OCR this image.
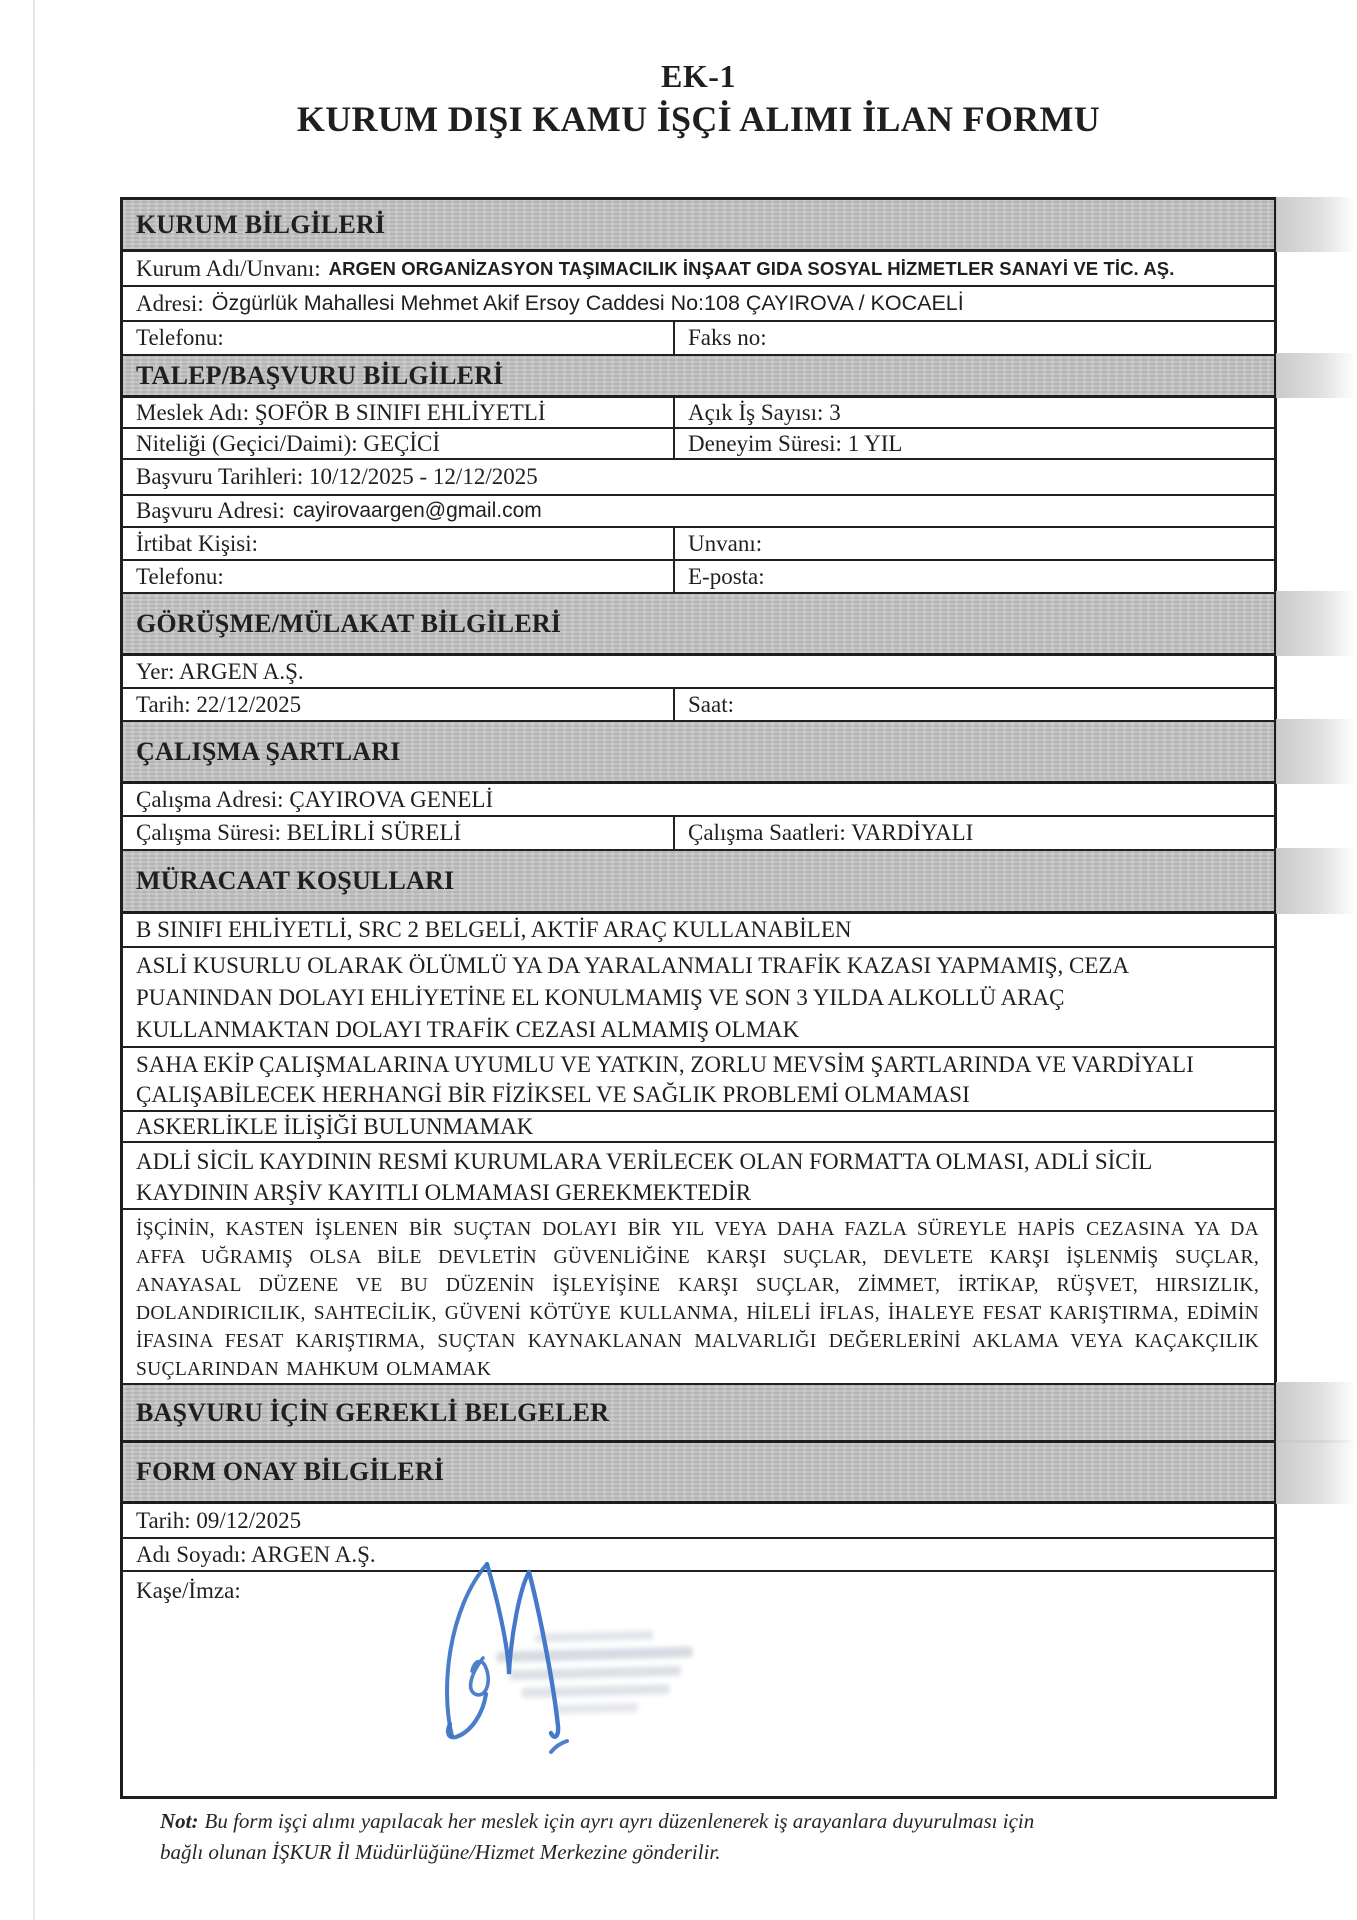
EK-1
KURUM DIŞI KAMU İŞÇİ ALIMI İLAN FORMU
KURUM BİLGİLERİ
Kurum Adı/Unvanı: ARGEN ORGANİZASYON TAŞIMACILIK İNŞAAT GIDA SOSYAL HİZMETLER SANAYİ VE TİC. AŞ.
Adresi: Özgürlük Mahallesi Mehmet Akif Ersoy Caddesi No:108 ÇAYIROVA / KOCAELİ
Telefonu:	Faks no:
TALEP/BAŞVURU BİLGİLERİ
Meslek Adı: ŞOFÖR B SINIFI EHLİYETLİ	Açık İş Sayısı: 3
Niteliği (Geçici/Daimi): GEÇİCİ	Deneyim Süresi: 1 YIL
Başvuru Tarihleri: 10/12/2025 - 12/12/2025
Başvuru Adresi: cayirovaargen@gmail.com
İrtibat Kişisi:	Unvanı:
Telefonu:	E-posta:
GÖRÜŞME/MÜLAKAT BİLGİLERİ
Yer: ARGEN A.Ş.
Tarih: 22/12/2025	Saat:
ÇALIŞMA ŞARTLARI
Çalışma Adresi: ÇAYIROVA GENELİ
Çalışma Süresi: BELİRLİ SÜRELİ	Çalışma Saatleri: VARDİYALI
MÜRACAAT KOŞULLARI
B SINIFI EHLİYETLİ, SRC 2 BELGELİ, AKTİF ARAÇ KULLANABİLEN
ASLİ KUSURLU OLARAK ÖLÜMLÜ YA DA YARALANMALI TRAFİK KAZASI YAPMAMIŞ, CEZA PUANINDAN DOLAYI EHLİYETİNE EL KONULMAMIŞ VE SON 3 YILDA ALKOLLÜ ARAÇ KULLANMAKTAN DOLAYI TRAFİK CEZASI ALMAMIŞ OLMAK
SAHA EKİP ÇALIŞMALARINA UYUMLU VE YATKIN, ZORLU MEVSİM ŞARTLARINDA VE VARDİYALI ÇALIŞABİLECEK HERHANGİ BİR FİZİKSEL VE SAĞLIK PROBLEMİ OLMAMASI
ASKERLİKLE İLİŞİĞİ BULUNMAMAK
ADLİ SİCİL KAYDININ RESMİ KURUMLARA VERİLECEK OLAN FORMATTA OLMASI, ADLİ SİCİL KAYDININ ARŞİV KAYITLI OLMAMASI GEREKMEKTEDİR
İŞÇİNİN, KASTEN İŞLENEN BİR SUÇTAN DOLAYI BİR YIL VEYA DAHA FAZLA SÜREYLE HAPİS CEZASINA YA DA AFFA UĞRAMIŞ OLSA BİLE DEVLETİN GÜVENLİĞİNE KARŞI SUÇLAR, DEVLETE KARŞI İŞLENMİŞ SUÇLAR, ANAYASAL DÜZENE VE BU DÜZENİN İŞLEYİŞİNE KARŞI SUÇLAR, ZİMMET, İRTİKAP, RÜŞVET, HIRSIZLIK, DOLANDIRICILIK, SAHTECİLİK, GÜVENİ KÖTÜYE KULLANMA, HİLELİ İFLAS, İHALEYE FESAT KARIŞTIRMA, EDİMİN İFASINA FESAT KARIŞTIRMA, SUÇTAN KAYNAKLANAN MALVARLIĞI DEĞERLERİNİ AKLAMA VEYA KAÇAKÇILIK SUÇLARINDAN MAHKUM OLMAMAK
BAŞVURU İÇİN GEREKLİ BELGELER
FORM ONAY BİLGİLERİ
Tarih: 09/12/2025
Adı Soyadı: ARGEN A.Ş.
Kaşe/İmza:
Not: Bu form işçi alımı yapılacak her meslek için ayrı ayrı düzenlenerek iş arayanlara duyurulması için bağlı olunan İŞKUR İl Müdürlüğüne/Hizmet Merkezine gönderilir.
